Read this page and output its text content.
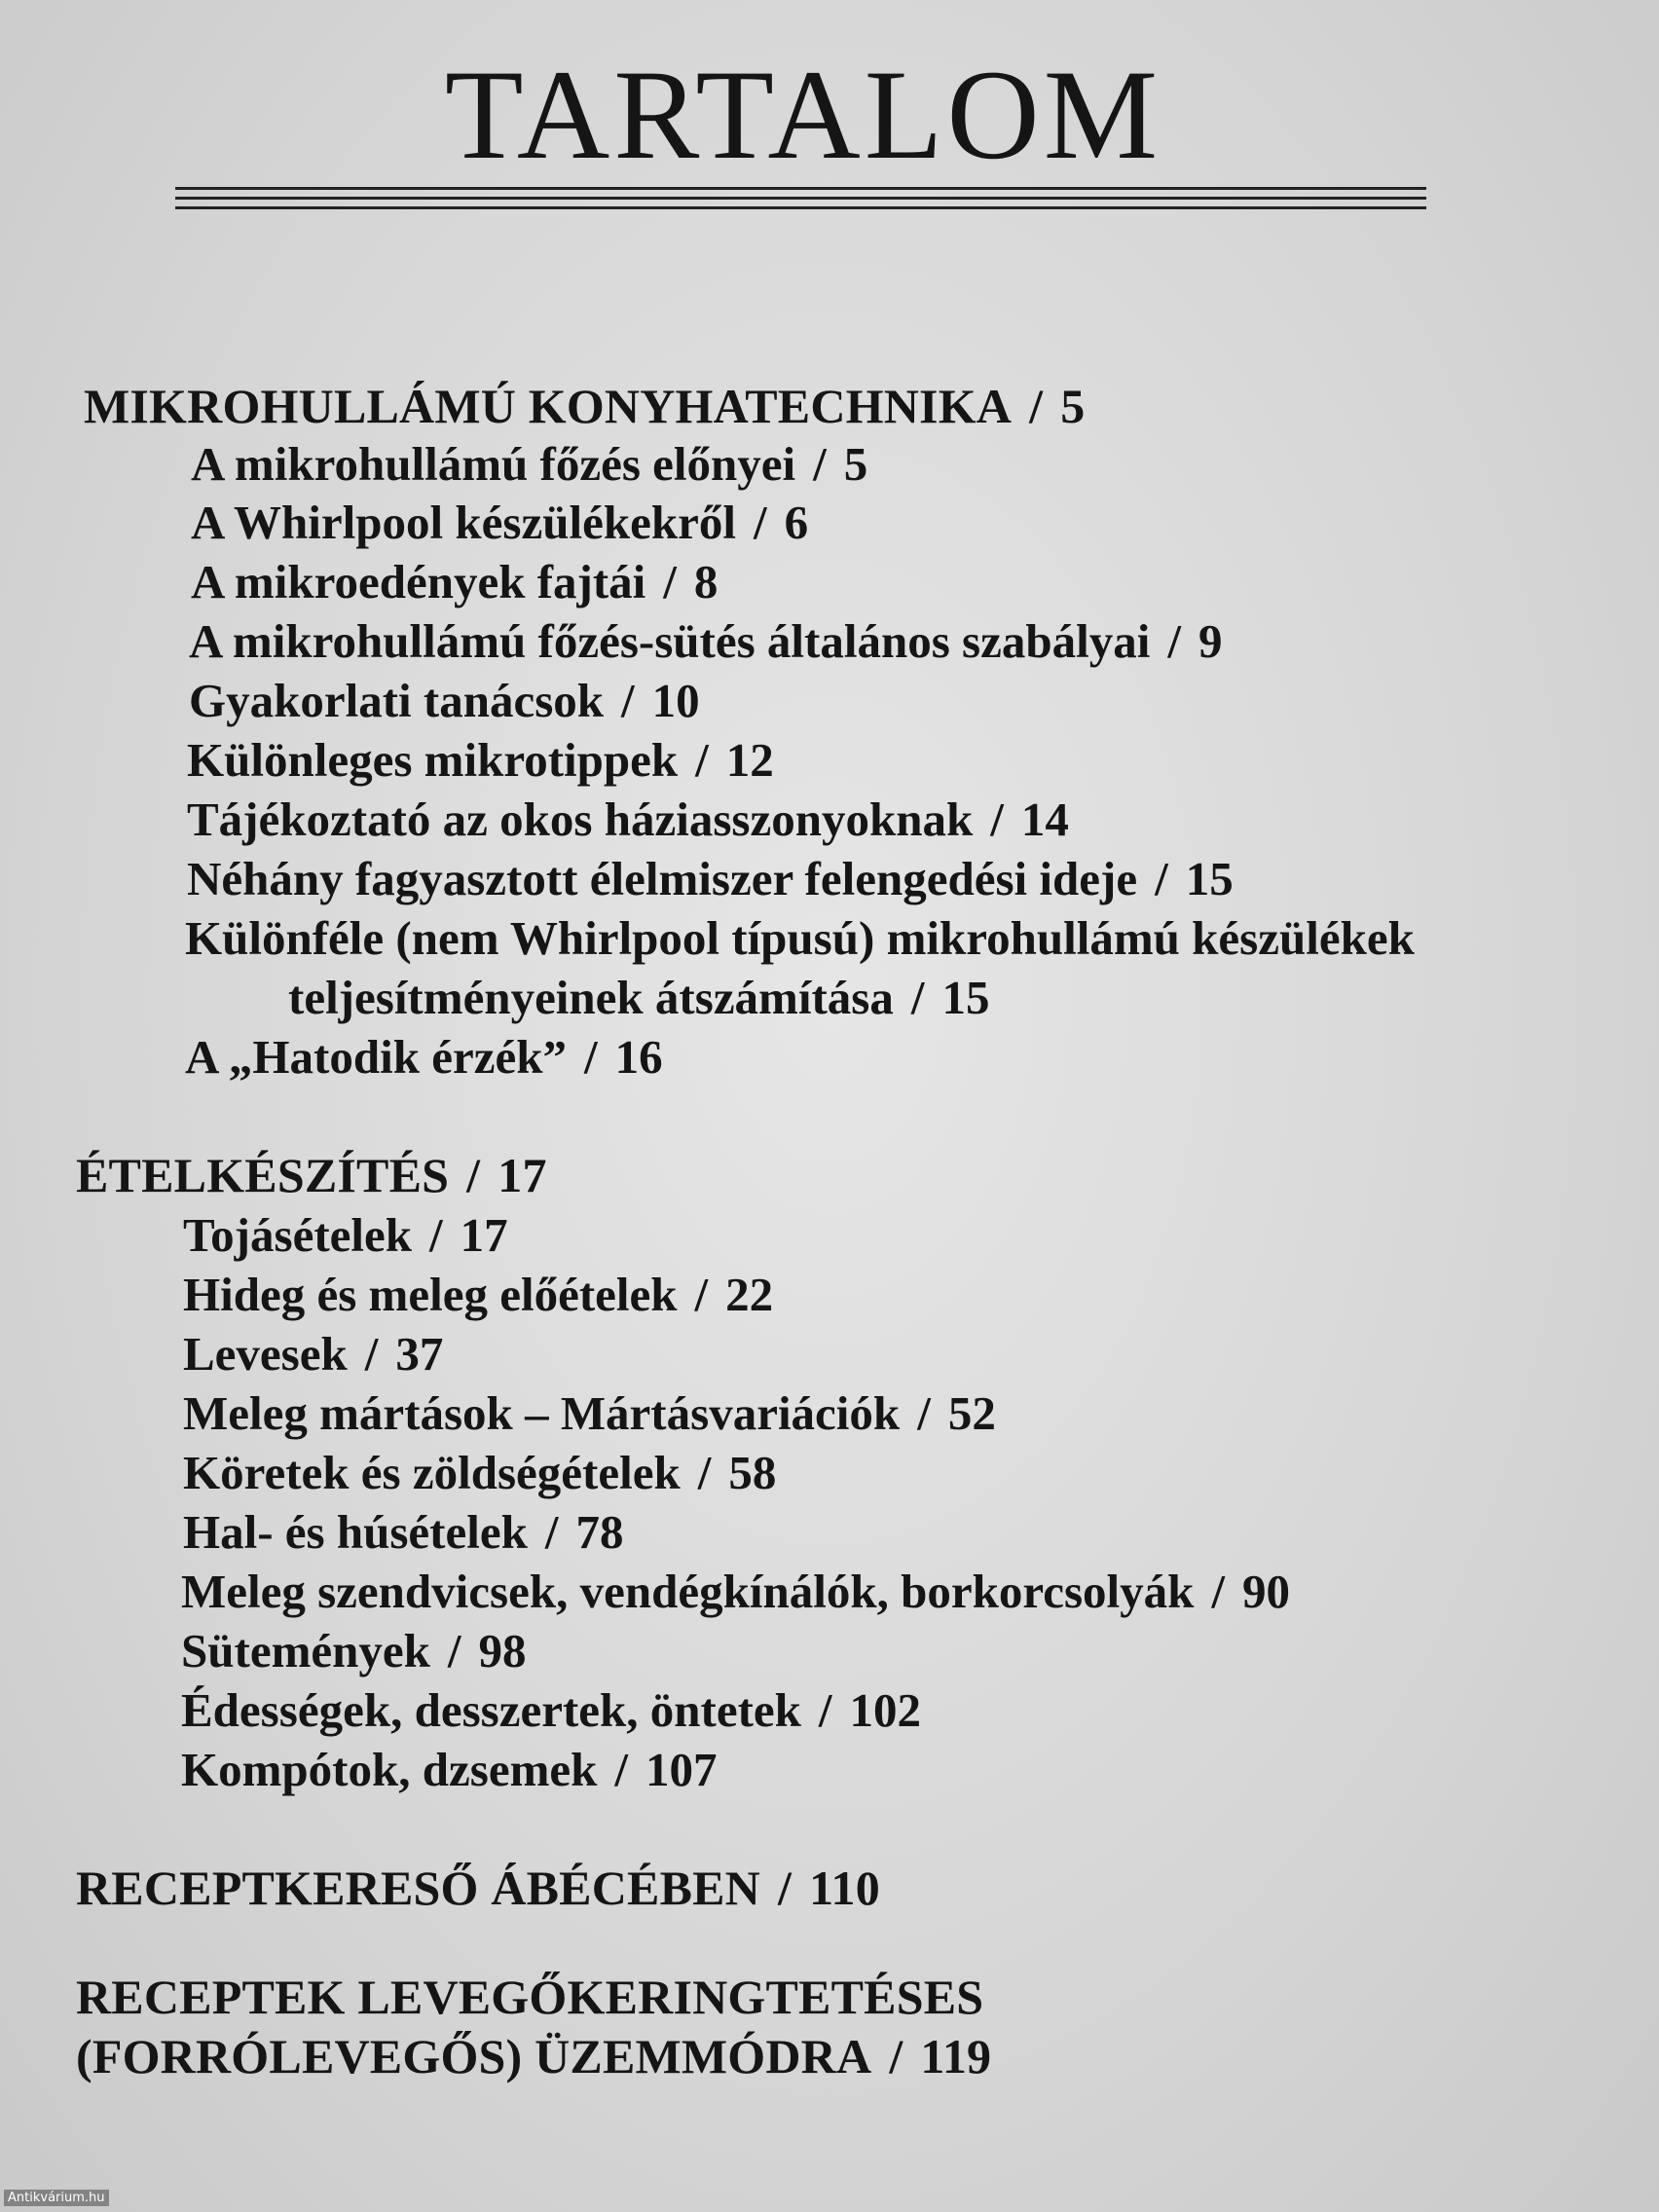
TARTALOM
MIKROHULLÁMÚ KONYHATECHNIKA / 5
A mikrohullámú főzés előnyei / 5
A Whirlpool készülékekről / 6
A mikroedények fajtái / 8
A mikrohullámú főzés-sütés általános szabályai / 9
Gyakorlati tanácsok / 10
Különleges mikrotippek / 12
Tájékoztató az okos háziasszonyoknak / 14
Néhány fagyasztott élelmiszer felengedési ideje / 15
Különféle (nem Whirlpool típusú) mikrohullámú készülékek
teljesítményeinek átszámítása / 15
A „Hatodik érzék” / 16
ÉTELKÉSZÍTÉS / 17
Tojásételek / 17
Hideg és meleg előételek / 22
Levesek / 37
Meleg mártások – Mártásvariációk / 52
Köretek és zöldségételek / 58
Hal- és húsételek / 78
Meleg szendvicsek, vendégkínálók, borkorcsolyák / 90
Sütemények / 98
Édességek, desszertek, öntetek / 102
Kompótok, dzsemek / 107
RECEPTKERESŐ ÁBÉCÉBEN / 110
RECEPTEK LEVEGŐKERINGTETÉSES
(FORRÓLEVEGŐS) ÜZEMMÓDRA / 119
Antikvárium.hu
